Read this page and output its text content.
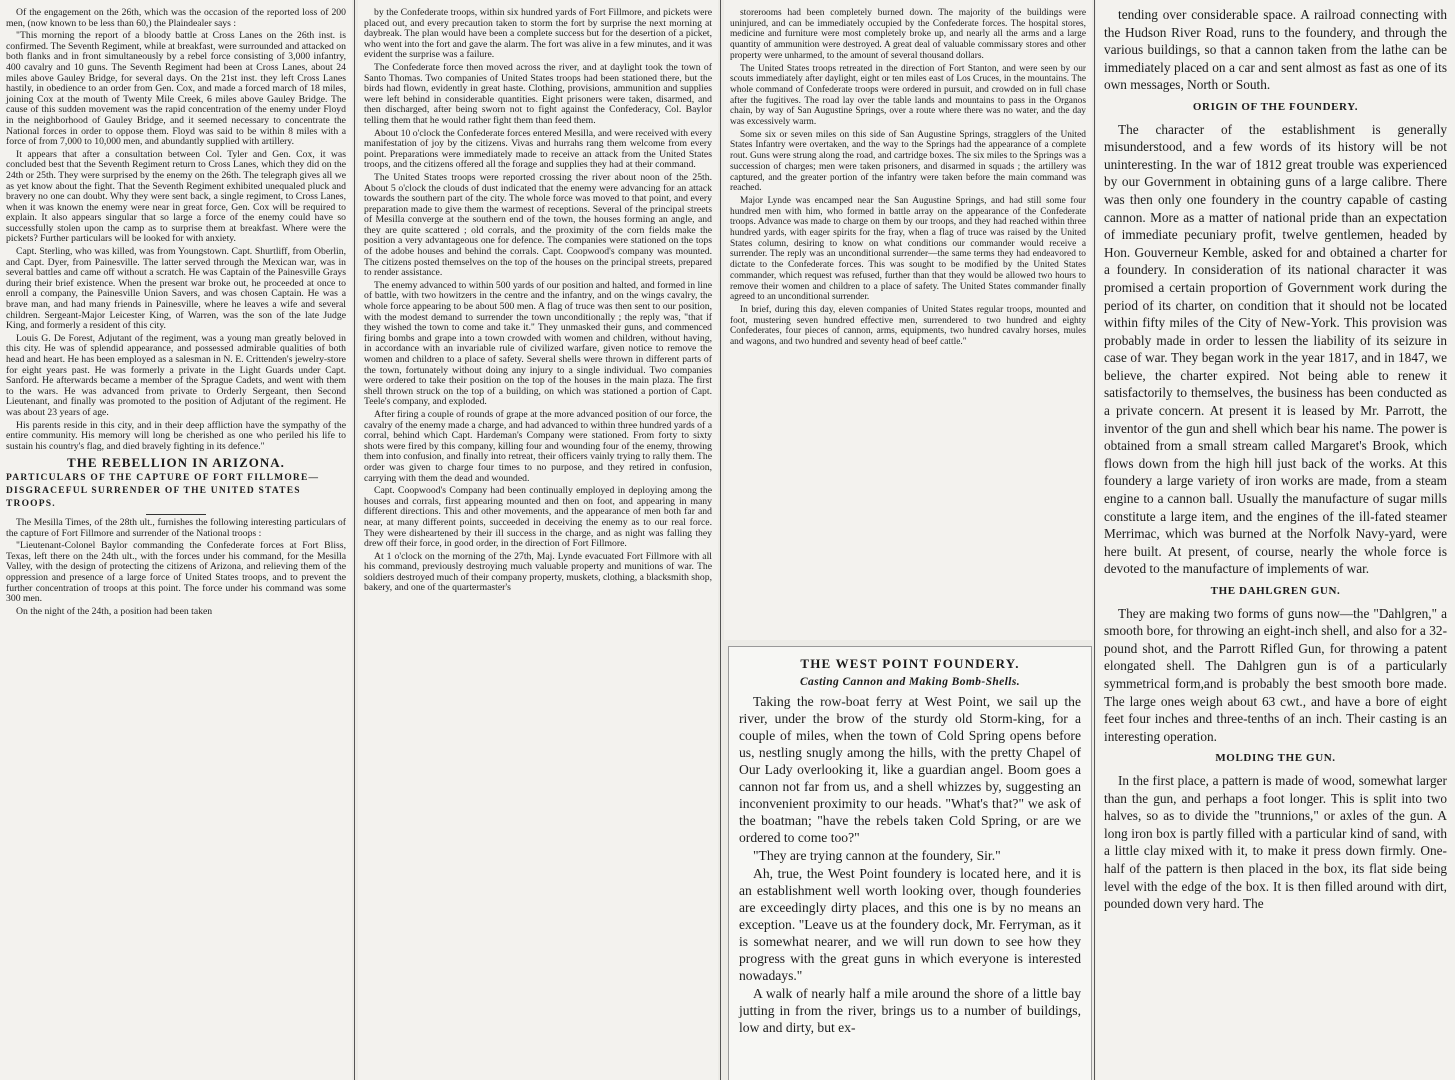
Of the engagement on the 26th, which was the occasion of the reported loss of 200 men, (now known to be less than 60,) the Plaindealer says :

"This morning the report of a bloody battle at Cross Lanes on the 26th inst. is confirmed. The Seventh Regiment, while at breakfast, were surrounded and attacked on both flanks and in front simultaneously by a rebel force consisting of 3,000 infantry, 400 cavalry and 10 guns. The Seventh Regiment had been at Cross Lanes, about 24 miles above Gauley Bridge, for several days. On the 21st inst. they left Cross Lanes hastily, in obedience to an order from Gen. Cox, and made a forced march of 18 miles, joining Cox at the mouth of Twenty Mile Creek, 6 miles above Gauley Bridge. The cause of this sudden movement was the rapid concentration of the enemy under Floyd in the neighborhood of Gauley Bridge, and it seemed necessary to concentrate the National forces in order to oppose them. Floyd was said to be within 8 miles with a force of from 7,000 to 10,000 men, and abundantly supplied with artillery.

It appears that after a consultation between Col. Tyler and Gen. Cox, it was concluded best that the Seventh Regiment return to Cross Lanes, which they did on the 24th or 25th. They were surprised by the enemy on the 26th. The telegraph gives all we as yet know about the fight. That the Seventh Regiment exhibited unequaled pluck and bravery no one can doubt. Why they were sent back, a single regiment, to Cross Lanes, when it was known the enemy were near in great force, Gen. Cox will be required to explain. It also appears singular that so large a force of the enemy could have so successfully stolen upon the camp as to surprise them at breakfast. Where were the pickets? Further particulars will be looked for with anxiety.

Capt. Sterling, who was killed, was from Youngstown. Capt. Shurtliff, from Oberlin, and Capt. Dyer, from Painesville. The latter served through the Mexican war, was in several battles and came off without a scratch. He was Captain of the Painesville Grays during their brief existence. When the present war broke out, he proceeded at once to enroll a company, the Painesville Union Savers, and was chosen Captain. He was a brave man, and had many friends in Painesville, where he leaves a wife and several children. Sergeant-Major Leicester King, of Warren, was the son of the late Judge King, and formerly a resident of this city.

Louis G. De Forest, Adjutant of the regiment, was a young man greatly beloved in this city. He was of splendid appearance, and possessed admirable qualities of both head and heart. He has been employed as a salesman in N. E. Crittenden's jewelry-store for eight years past. He was formerly a private in the Light Guards under Capt. Sanford. He afterwards became a member of the Sprague Cadets, and went with them to the wars. He was advanced from private to Orderly Sergeant, then Second Lieutenant, and finally was promoted to the position of Adjutant of the regiment. He was about 23 years of age.

His parents reside in this city, and in their deep affliction have the sympathy of the entire community. His memory will long be cherished as one who periled his life to sustain his country's flag, and died bravely fighting in its defence."

THE REBELLION IN ARIZONA.
PARTICULARS OF THE CAPTURE OF FORT FILLMORE—DISGRACEFUL SURRENDER OF THE UNITED STATES TROOPS.

The Mesilla Times, of the 28th ult., furnishes the following interesting particulars of the capture of Fort Fillmore and surrender of the National troops :

"Lieutenant-Colonel Baylor commanding the Confederate forces at Fort Bliss, Texas, left there on the 24th ult., with the forces under his command, for the Mesilla Valley, with the design of protecting the citizens of Arizona, and relieving them of the oppression and presence of a large force of United States troops, and to prevent the further concentration of troops at this point. The force under his command was some 300 men.

On the night of the 24th, a position had been taken

by the Confederate troops, within six hundred yards of Fort Fillmore, and pickets were placed out, and every precaution taken to storm the fort by surprise the next morning at daybreak. The plan would have been a complete success but for the desertion of a picket, who went into the fort and gave the alarm. The fort was alive in a few minutes, and it was evident the surprise was a failure.

The Confederate force then moved across the river, and at daylight took the town of Santo Thomas. Two companies of United States troops had been stationed there, but the birds had flown, evidently in great haste. Clothing, provisions, ammunition and supplies were left behind in considerable quantities. Eight prisoners were taken, disarmed, and then discharged, after being sworn not to fight against the Confederacy, Col. Baylor telling them that he would rather fight them than feed them.

About 10 o'clock the Confederate forces entered Mesilla, and were received with every manifestation of joy by the citizens. Vivas and hurrahs rang them welcome from every point. Preparations were immediately made to receive an attack from the United States troops, and the citizens offered all the forage and supplies they had at their command.

The United States troops were reported crossing the river about noon of the 25th. About 5 o'clock the clouds of dust indicated that the enemy were advancing for an attack towards the southern part of the city. The whole force was moved to that point, and every preparation made to give them the warmest of receptions. Several of the principal streets of Mesilla converge at the southern end of the town, the houses forming an angle, and they are quite scattered ; old corrals, and the proximity of the corn fields make the position a very advantageous one for defence. The companies were stationed on the tops of the adobe houses and behind the corrals. Capt. Coopwood's company was mounted. The citizens posted themselves on the top of the houses on the principal streets, prepared to render assistance.

The enemy advanced to within 500 yards of our position and halted, and formed in line of battle, with two howitzers in the centre and the infantry, and on the wings cavalry, the whole force appearing to be about 500 men. A flag of truce was then sent to our position, with the modest demand to surrender the town unconditionally ; the reply was, "that if they wished the town to come and take it." They unmasked their guns, and commenced firing bombs and grape into a town crowded with women and children, without having, in accordance with an invariable rule of civilized warfare, given notice to remove the women and children to a place of safety. Several shells were thrown in different parts of the town, fortunately without doing any injury to a single individual. Two companies were ordered to take their position on the top of the houses in the main plaza. The first shell thrown struck on the top of a building, on which was stationed a portion of Capt. Teele's company, and exploded.

After firing a couple of rounds of grape at the more advanced position of our force, the cavalry of the enemy made a charge, and had advanced to within three hundred yards of a corral, behind which Capt. Hardeman's Company were stationed. From forty to sixty shots were fired by this company, killing four and wounding four of the enemy, throwing them into confusion, and finally into retreat, their officers vainly trying to rally them. The order was given to charge four times to no purpose, and they retired in confusion, carrying with them the dead and wounded.

Capt. Coopwood's Company had been continually employed in deploying among the houses and corrals, first appearing mounted and then on foot, and appearing in many different directions. This and other movements, and the appearance of men both far and near, at many different points, succeeded in deceiving the enemy as to our real force. They were disheartened by their ill success in the charge, and as night was falling they drew off their force, in good order, in the direction of Fort Fillmore.

At 1 o'clock on the morning of the 27th, Maj. Lynde evacuated Fort Fillmore with all his command, previously destroying much valuable property and munitions of war. The soldiers destroyed much of their company property, muskets, clothing, a blacksmith shop, bakery, and one of the quartermaster's

storerooms had been completely burned down. The majority of the buildings were uninjured, and can be immediately occupied by the Confederate forces. The hospital stores, medicine and furniture were most completely broke up, and nearly all the arms and a large quantity of ammunition were destroyed. A great deal of valuable commissary stores and other property were unharmed, to the amount of several thousand dollars.

The United States troops retreated in the direction of Fort Stanton, and were seen by our scouts immediately after daylight, eight or ten miles east of Los Cruces, in the mountains. The whole command of Confederate troops were ordered in pursuit, and crowded on in full chase after the fugitives. The road lay over the table lands and mountains to pass in the Organos chain, by way of San Augustine Springs, over a route where there was no water, and the day was excessively warm.

Some six or seven miles on this side of San Augustine Springs, stragglers of the United States Infantry were overtaken, and the way to the Springs had the appearance of a complete rout. Guns were strung along the road, and cartridge boxes. The six miles to the Springs was a succession of charges; men were taken prisoners, and disarmed in squads ; the artillery was captured, and the greater portion of the infantry were taken before the main command was reached.

Major Lynde was encamped near the San Augustine Springs, and had still some four hundred men with him, who formed in battle array on the appearance of the Confederate troops. Advance was made to charge on them by our troops, and they had reached within three hundred yards, with eager spirits for the fray, when a flag of truce was raised by the United States column, desiring to know on what conditions our commander would receive a surrender. The reply was an unconditional surrender—the same terms they had endeavored to dictate to the Confederate forces. This was sought to be modified by the United States commander, which request was refused, further than that they would be allowed two hours to remove their women and children to a place of safety. The United States commander finally agreed to an unconditional surrender.

In brief, during this day, eleven companies of United States regular troops, mounted and foot, mustering seven hundred effective men, surrendered to two hundred and eighty Confederates, four pieces of cannon, arms, equipments, two hundred cavalry horses, mules and wagons, and two hundred and seventy head of beef cattle."

THE WEST POINT FOUNDERY.
Casting Cannon and Making Bomb-Shells.

Taking the row-boat ferry at West Point, we sail up the river, under the brow of the sturdy old Storm-king, for a couple of miles, when the town of Cold Spring opens before us, nestling snugly among the hills, with the pretty Chapel of Our Lady overlooking it, like a guardian angel. Boom goes a cannon not far from us, and a shell whizzes by, suggesting an inconvenient proximity to our heads. "What's that?" we ask of the boatman; "have the rebels taken Cold Spring, or are we ordered to come too?"

"They are trying cannon at the foundery, Sir."

Ah, true, the West Point foundery is located here, and it is an establishment well worth looking over, though founderies are exceedingly dirty places, and this one is by no means an exception. "Leave us at the foundery dock, Mr. Ferryman, as it is somewhat nearer, and we will run down to see how they progress with the great guns in which everyone is interested nowadays."

A walk of nearly half a mile around the shore of a little bay jutting in from the river, brings us to a number of buildings, low and dirty, but ex-

tending over considerable space. A railroad connecting with the Hudson River Road, runs to the foundery, and through the various buildings, so that a cannon taken from the lathe can be immediately placed on a car and sent almost as fast as one of its own messages, North or South.

ORIGIN OF THE FOUNDERY.

The character of the establishment is generally misunderstood, and a few words of its history will be not uninteresting. In the war of 1812 great trouble was experienced by our Government in obtaining guns of a large calibre. There was then only one foundery in the country capable of casting cannon. More as a matter of national pride than an expectation of immediate pecuniary profit, twelve gentlemen, headed by Hon. Gouverneur Kemble, asked for and obtained a charter for a foundery. In consideration of its national character it was promised a certain proportion of Government work during the period of its charter, on condition that it should not be located within fifty miles of the City of New-York. This provision was probably made in order to lessen the liability of its seizure in case of war. They began work in the year 1817, and in 1847, we believe, the charter expired. Not being able to renew it satisfactorily to themselves, the business has been conducted as a private concern. At present it is leased by Mr. Parrott, the inventor of the gun and shell which bear his name. The power is obtained from a small stream called Margaret's Brook, which flows down from the high hill just back of the works. At this foundery a large variety of iron works are made, from a steam engine to a cannon ball. Usually the manufacture of sugar mills constitute a large item, and the engines of the ill-fated steamer Merrimac, which was burned at the Norfolk Navy-yard, were here built. At present, of course, nearly the whole force is devoted to the manufacture of implements of war.

THE DAHLGREN GUN.

They are making two forms of guns now—the "Dahlgren," a smooth bore, for throwing an eight-inch shell, and also for a 32-pound shot, and the Parrott Rifled Gun, for throwing a patent elongated shell. The Dahlgren gun is of a particularly symmetrical form,and is probably the best smooth bore made. The large ones weigh about 63 cwt., and have a bore of eight feet four inches and three-tenths of an inch. Their casting is an interesting operation.

MOLDING THE GUN.

In the first place, a pattern is made of wood, somewhat larger than the gun, and perhaps a foot longer. This is split into two halves, so as to divide the "trunnions," or axles of the gun. A long iron box is partly filled with a particular kind of sand, with a little clay mixed with it, to make it press down firmly. One-half of the pattern is then placed in the box, its flat side being level with the edge of the box. It is then filled around with dirt, pounded down very hard. The
